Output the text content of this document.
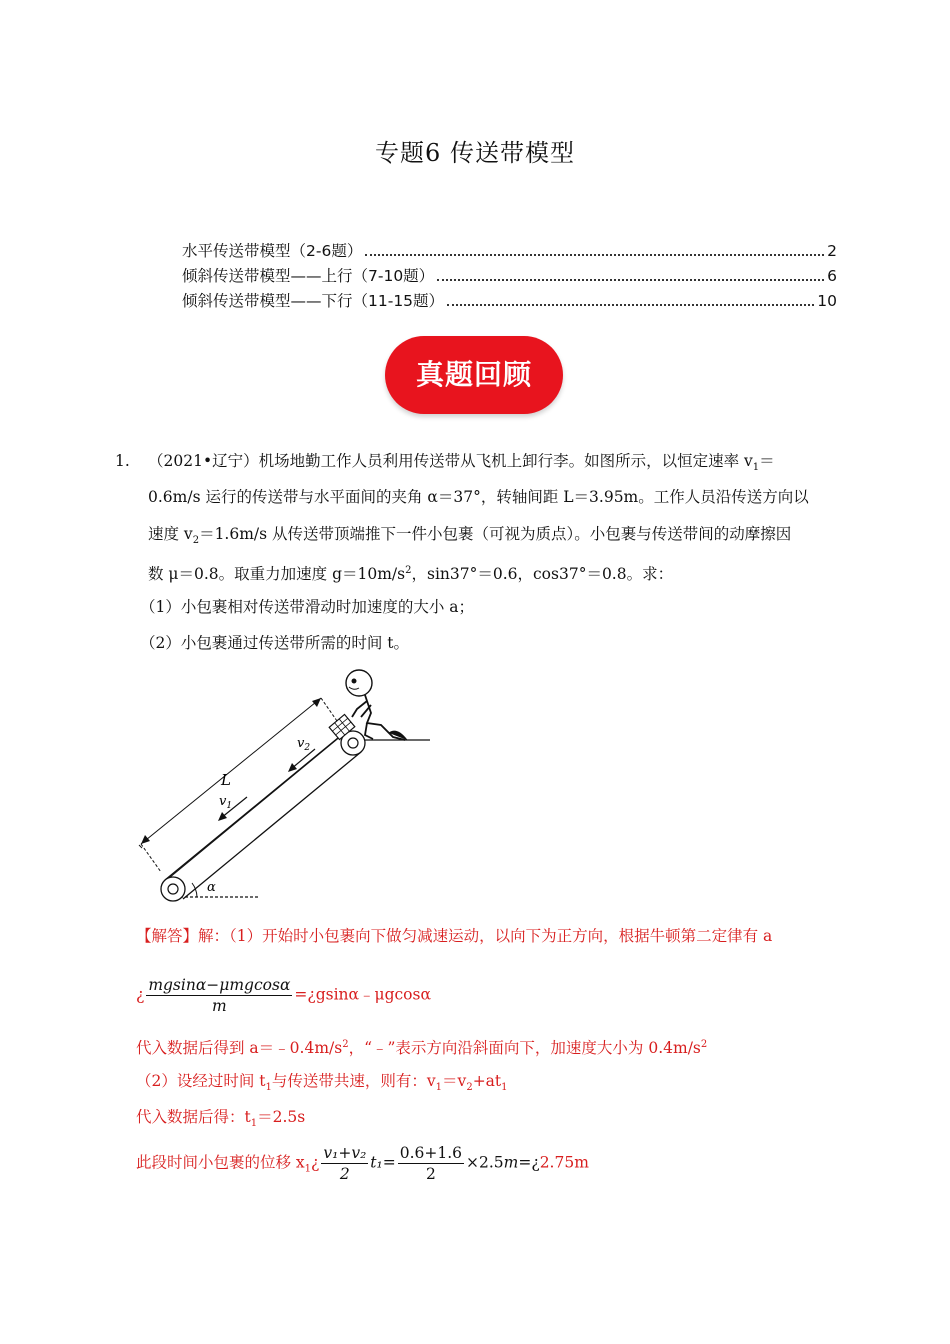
专题6 传送带模型
水平传送带模型（2-6题）	2
倾斜传送带模型——上行（7-10题）	6
倾斜传送带模型——下行（11-15题）	10
真题回顾
1. （2021•辽宁）机场地勤工作人员利用传送带从飞机上卸行李。如图所示，以恒定速率 $v_1=$
0.6m/s 运行的传送带与水平面间的夹角 α＝37°，转轴间距 L＝3.95m。工作人员沿传送方向以
速度 $v_2=1.6m/s$ 从传送带顶端推下一件小包裹（可视为质点）。小包裹与传送带间的动摩擦因
数 μ＝0.8。取重力加速度 $g=10m/s^2$，sin37°＝0.6，cos37°＝0.8。求：
（1）小包裹相对传送带滑动时加速度的大小 a；
（2）小包裹通过传送带所需的时间 t。
α
L
$v_1$
$v_2$
【解答】解：（1）开始时小包裹向下做匀减速运动，以向下为正方向，根据牛顿第二定律有 a
¿ $\frac{\text{mgsinα−μmgcosα}}{m}$ =¿gsinα﹣μgcosα
代入数据后得到 $a=﹣0.4m/s^2$，“﹣”表示方向沿斜面向下，加速度大小为 $0.4m/s^2$
（2）设经过时间 $t_1$与传送带共速，则有：$v_1=v_2+at_1$
代入数据后得：$t_1=2.5s$
此段时间小包裹的位移 $x_1¿ \frac{\text{v₁+v₂}}{2} t_1= \frac{0.6+1.6}{2}$ ×2.5m=¿2.75m
